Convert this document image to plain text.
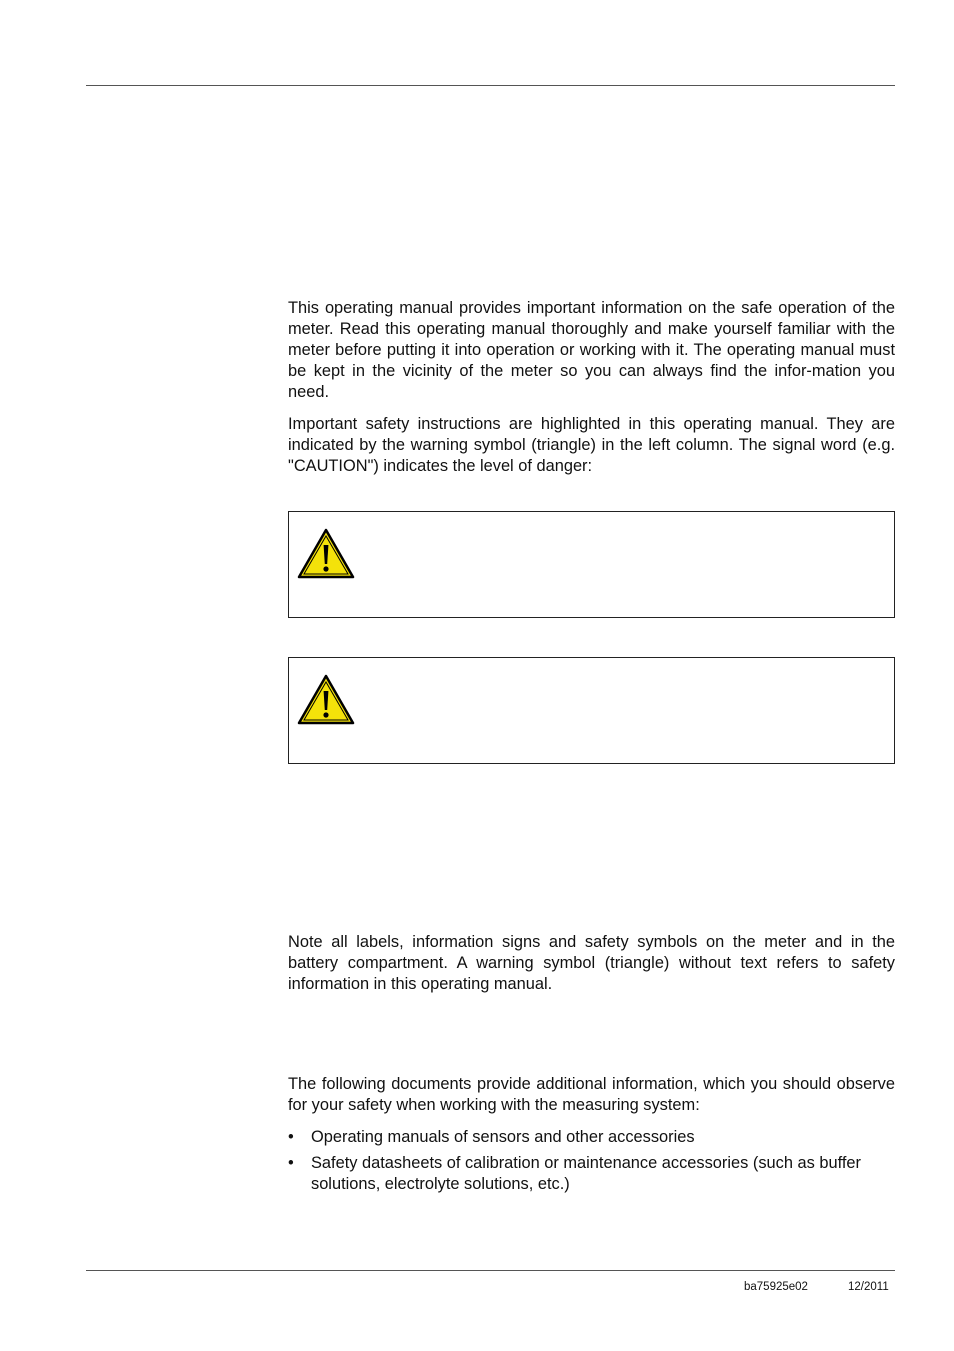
This operating manual provides important information on the safe operation of the meter. Read this operating manual thoroughly and make yourself familiar with the meter before putting it into operation or working with it. The operating manual must be kept in the vicinity of the meter so you can always find the infor-mation you need.

Important safety instructions are highlighted in this operating manual. They are indicated by the warning symbol (triangle) in the left column. The signal word (e.g. "CAUTION") indicates the level of danger:

Note all labels, information signs and safety symbols on the meter and in the battery compartment. A warning symbol (triangle) without text refers to safety information in this operating manual.

The following documents provide additional information, which you should observe for your safety when working with the measuring system:

• Operating manuals of sensors and other accessories
• Safety datasheets of calibration or maintenance accessories (such as buffer solutions, electrolyte solutions, etc.)
ba75925e02	12/2011
